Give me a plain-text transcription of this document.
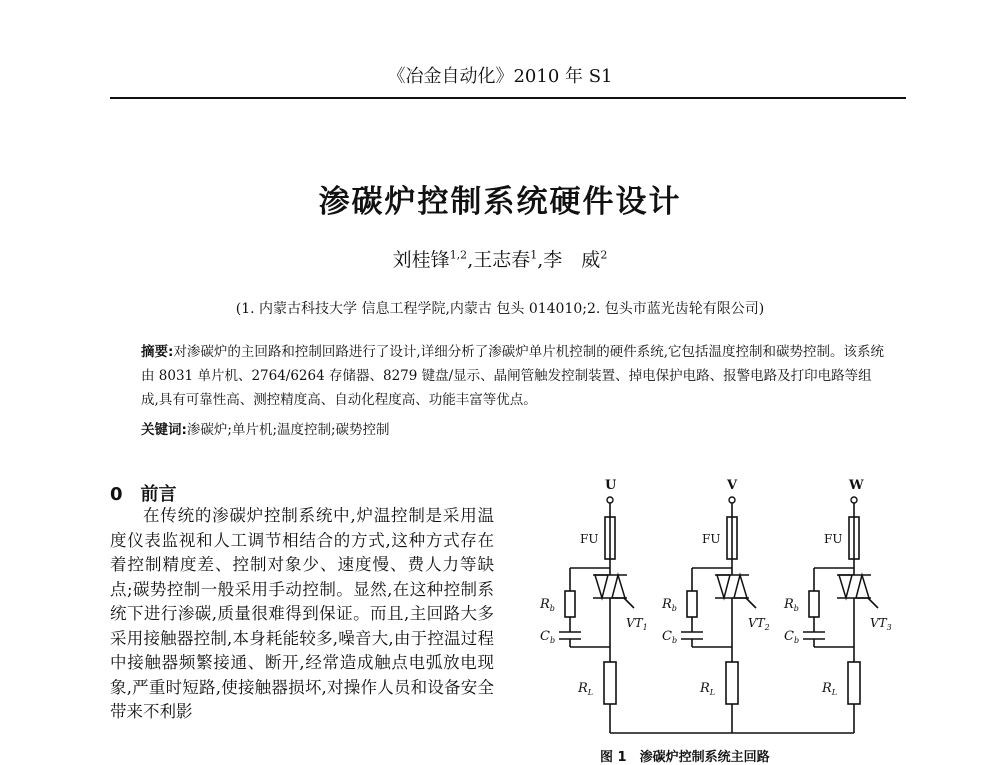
《冶金自动化》2010 年 S1
渗碳炉控制系统硬件设计
刘桂锋$^{1,2}$,王志春$^1$,李　威$^2$
(1. 内蒙古科技大学 信息工程学院,内蒙古 包头 014010;2. 包头市蓝光齿轮有限公司)
摘要:对渗碳炉的主回路和控制回路进行了设计,详细分析了渗碳炉单片机控制的硬件系统,它包括温度控制和碳势控制。该系统由 8031 单片机、2764/6264 存储器、8279 键盘/显示、晶闸管触发控制装置、掉电保护电路、报警电路及打印电路等组成,具有可靠性高、测控精度高、自动化程度高、功能丰富等优点。
关键词:渗碳炉;单片机;温度控制;碳势控制
0 前言
在传统的渗碳炉控制系统中,炉温控制是采用温度仪表监视和人工调节相结合的方式,这种方式存在着控制精度差、控制对象少、速度慢、费人力等缺点;碳势控制一般采用手动控制。显然,在这种控制系统下进行渗碳,质量很难得到保证。而且,主回路大多采用接触器控制,本身耗能较多,噪音大,由于控温过程中接触器频繁接通、断开,经常造成触点电弧放电现象,严重时短路,使接触器损坏,对操作人员和设备安全带来不利影
U
FU
$VT_1$
$R_b$
$C_b$
$R_L$
V
FU
$VT_2$
$R_b$
$C_b$
$R_L$
W
FU
$VT_3$
$R_b$
$C_b$
$R_L$
图 1　渗碳炉控制系统主回路
